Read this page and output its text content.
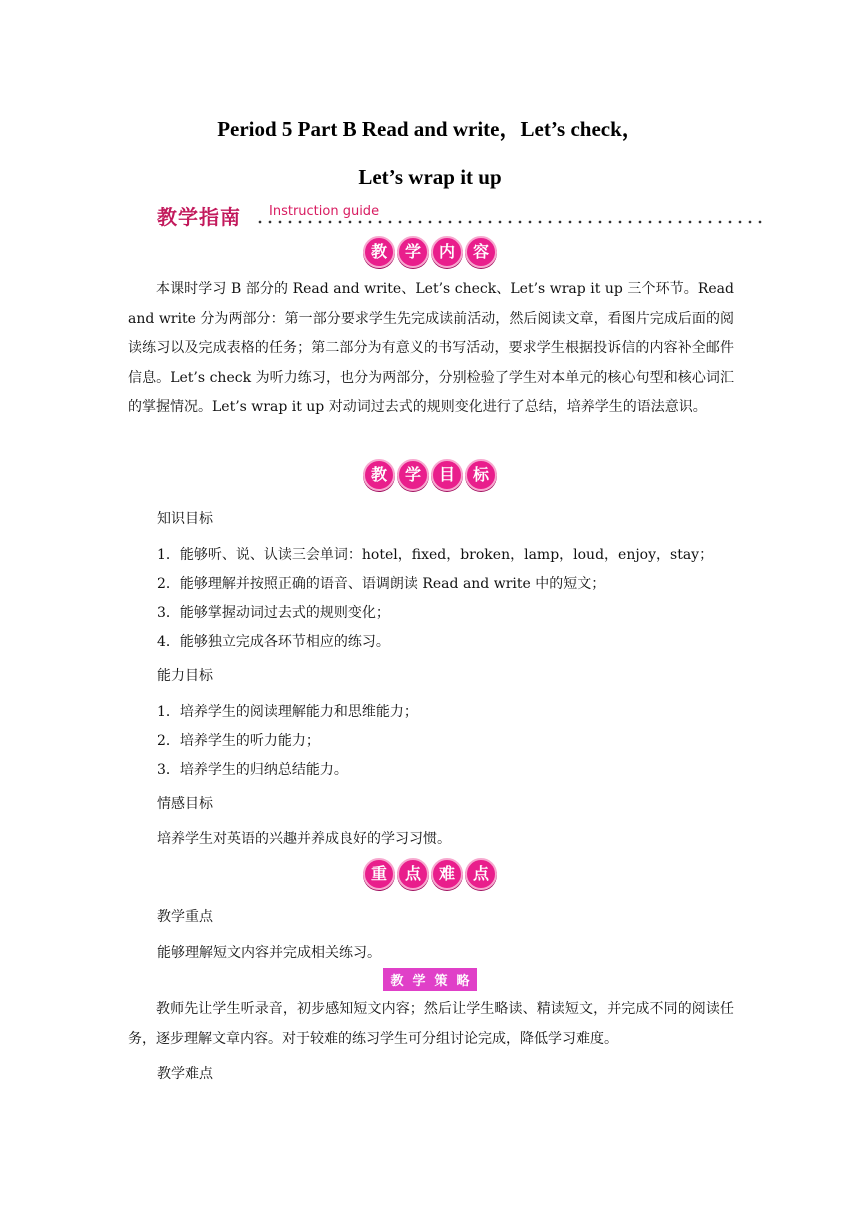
Period 5 Part B Read and write，Let’s check，
Let’s wrap it up
教学指南 Instruction guide
教	学	内	容

本课时学习 B 部分的 Read and write、Let’s check、Let’s wrap it up 三个环节。Read and write 分为两部分：第一部分要求学生先完成读前活动，然后阅读文章，看图片完成后面的阅读练习以及完成表格的任务；第二部分为有意义的书写活动，要求学生根据投诉信的内容补全邮件信息。Let’s check 为听力练习，也分为两部分，分别检验了学生对本单元的核心句型和核心词汇的掌握情况。Let’s wrap it up 对动词过去式的规则变化进行了总结，培养学生的语法意识。

教	学	目	标
知识目标
1．能够听、说、认读三会单词：hotel，fixed，broken，lamp，loud，enjoy，stay；
2．能够理解并按照正确的语音、语调朗读 Read and write 中的短文；
3．能够掌握动词过去式的规则变化；
4．能够独立完成各环节相应的练习。
能力目标
1．培养学生的阅读理解能力和思维能力；
2．培养学生的听力能力；
3．培养学生的归纳总结能力。
情感目标
培养学生对英语的兴趣并养成良好的学习习惯。
重	点	难	点
教学重点
能够理解短文内容并完成相关练习。
教 学 策 略

教师先让学生听录音，初步感知短文内容；然后让学生略读、精读短文，并完成不同的阅读任务，逐步理解文章内容。对于较难的练习学生可分组讨论完成，降低学习难度。

教学难点
